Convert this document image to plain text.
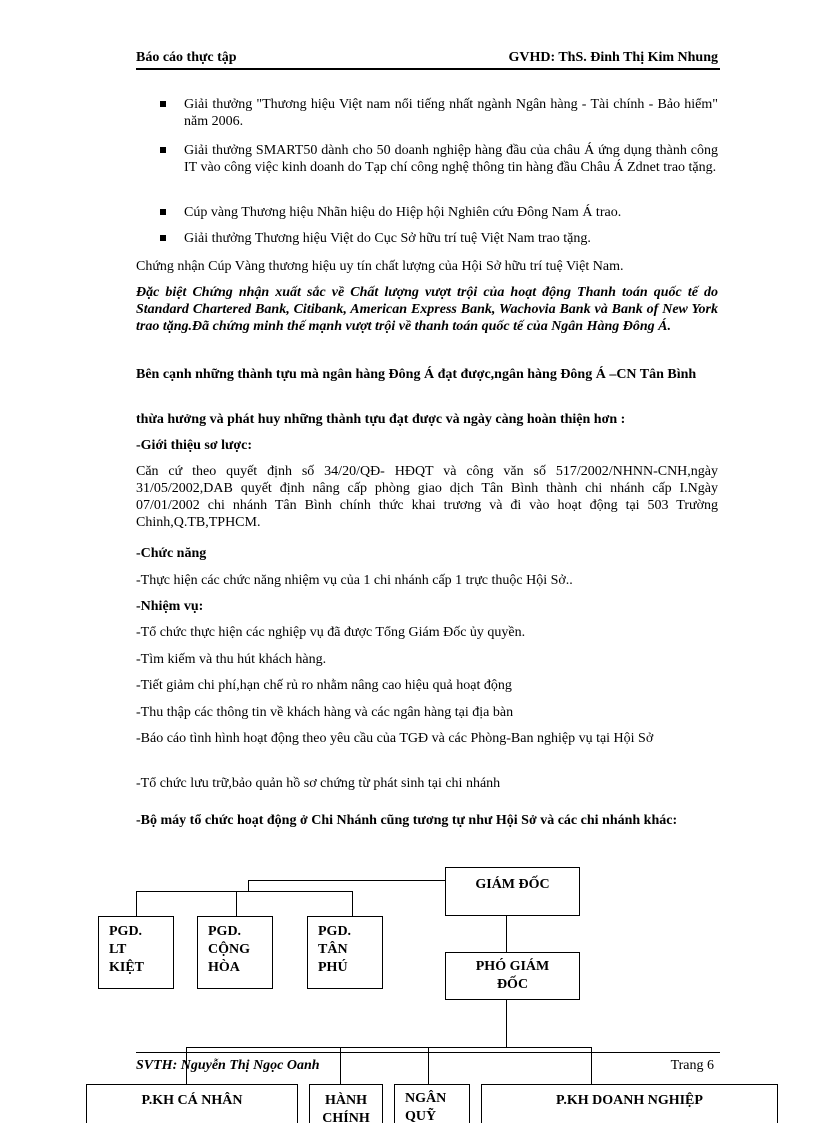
Báo cáo thực tập	GVHD: ThS. Đinh Thị Kim Nhung
Giải thưởng "Thương hiệu Việt nam nổi tiếng nhất ngành Ngân hàng - Tài chính - Bảo hiểm" năm 2006.
Giải thưởng SMART50 dành cho 50 doanh nghiệp hàng đầu của châu Á ứng dụng thành công IT vào công việc kinh doanh do Tạp chí công nghệ thông tin hàng đầu Châu Á Zdnet trao tặng.
Cúp vàng Thương hiệu Nhãn hiệu do Hiệp hội Nghiên cứu Đông Nam Á trao.
Giải thưởng Thương hiệu Việt do Cục Sở hữu trí tuệ Việt Nam trao tặng.
Chứng nhận Cúp Vàng thương hiệu uy tín chất lượng của Hội Sở hữu trí tuệ Việt Nam.
Đặc biệt Chứng nhận xuất sắc về Chất lượng vượt trội của hoạt động Thanh toán quốc tế do Standard Chartered Bank, Citibank, American Express Bank, Wachovia Bank và Bank of New York trao tặng.Đã chứng minh thế mạnh vượt trội về thanh toán quốc tế của Ngân Hàng Đông Á.
Bên cạnh những thành tựu mà ngân hàng Đông Á đạt được,ngân hàng Đông Á –CN Tân Bình
thừa hưởng và phát huy những thành tựu đạt được và ngày càng hoàn thiện hơn :
-Giới thiệu sơ lược:
Căn cứ theo quyết định số 34/20/QĐ- HĐQT và công văn số 517/2002/NHNN-CNH,ngày 31/05/2002,DAB quyết định nâng cấp phòng giao dịch Tân Bình thành chi nhánh cấp I.Ngày 07/01/2002 chi nhánh Tân Bình chính thức khai trương và đi vào hoạt động tại 503 Trường Chinh,Q.TB,TPHCM.
-Chức năng
-Thực hiện các chức năng nhiệm vụ của 1 chi nhánh cấp 1 trực thuộc Hội Sở..
-Nhiệm vụ:
-Tổ chức thực hiện các nghiệp vụ đã được Tổng Giám Đốc ủy quyền.
-Tìm kiếm và thu hút khách hàng.
-Tiết giảm chi phí,hạn chế rủ ro nhằm nâng cao hiệu quả hoạt động
-Thu thập các thông tin về khách hàng và các ngân hàng tại địa bàn
-Báo cáo tình hình hoạt động theo yêu cầu của TGĐ và các Phòng-Ban nghiệp vụ tại Hội Sở
-Tổ chức lưu trữ,bảo quản hồ sơ chứng từ phát sinh tại chi nhánh
-Bộ máy tổ chức hoạt động ở Chi Nhánh cũng tương tự như Hội Sở và các chi nhánh khác:
GIÁM ĐỐC
PGD. LT KIỆT
PGD. CỘNG HÒA
PGD. TÂN PHÚ	PHÓ GIÁM ĐỐC
SVTH: Nguyễn Thị Ngọc Oanh	Trang 6
P.KH CÁ NHÂN	HÀNH CHÍNH
NGÂN QUỸ
P.KH DOANH NGHIỆP
